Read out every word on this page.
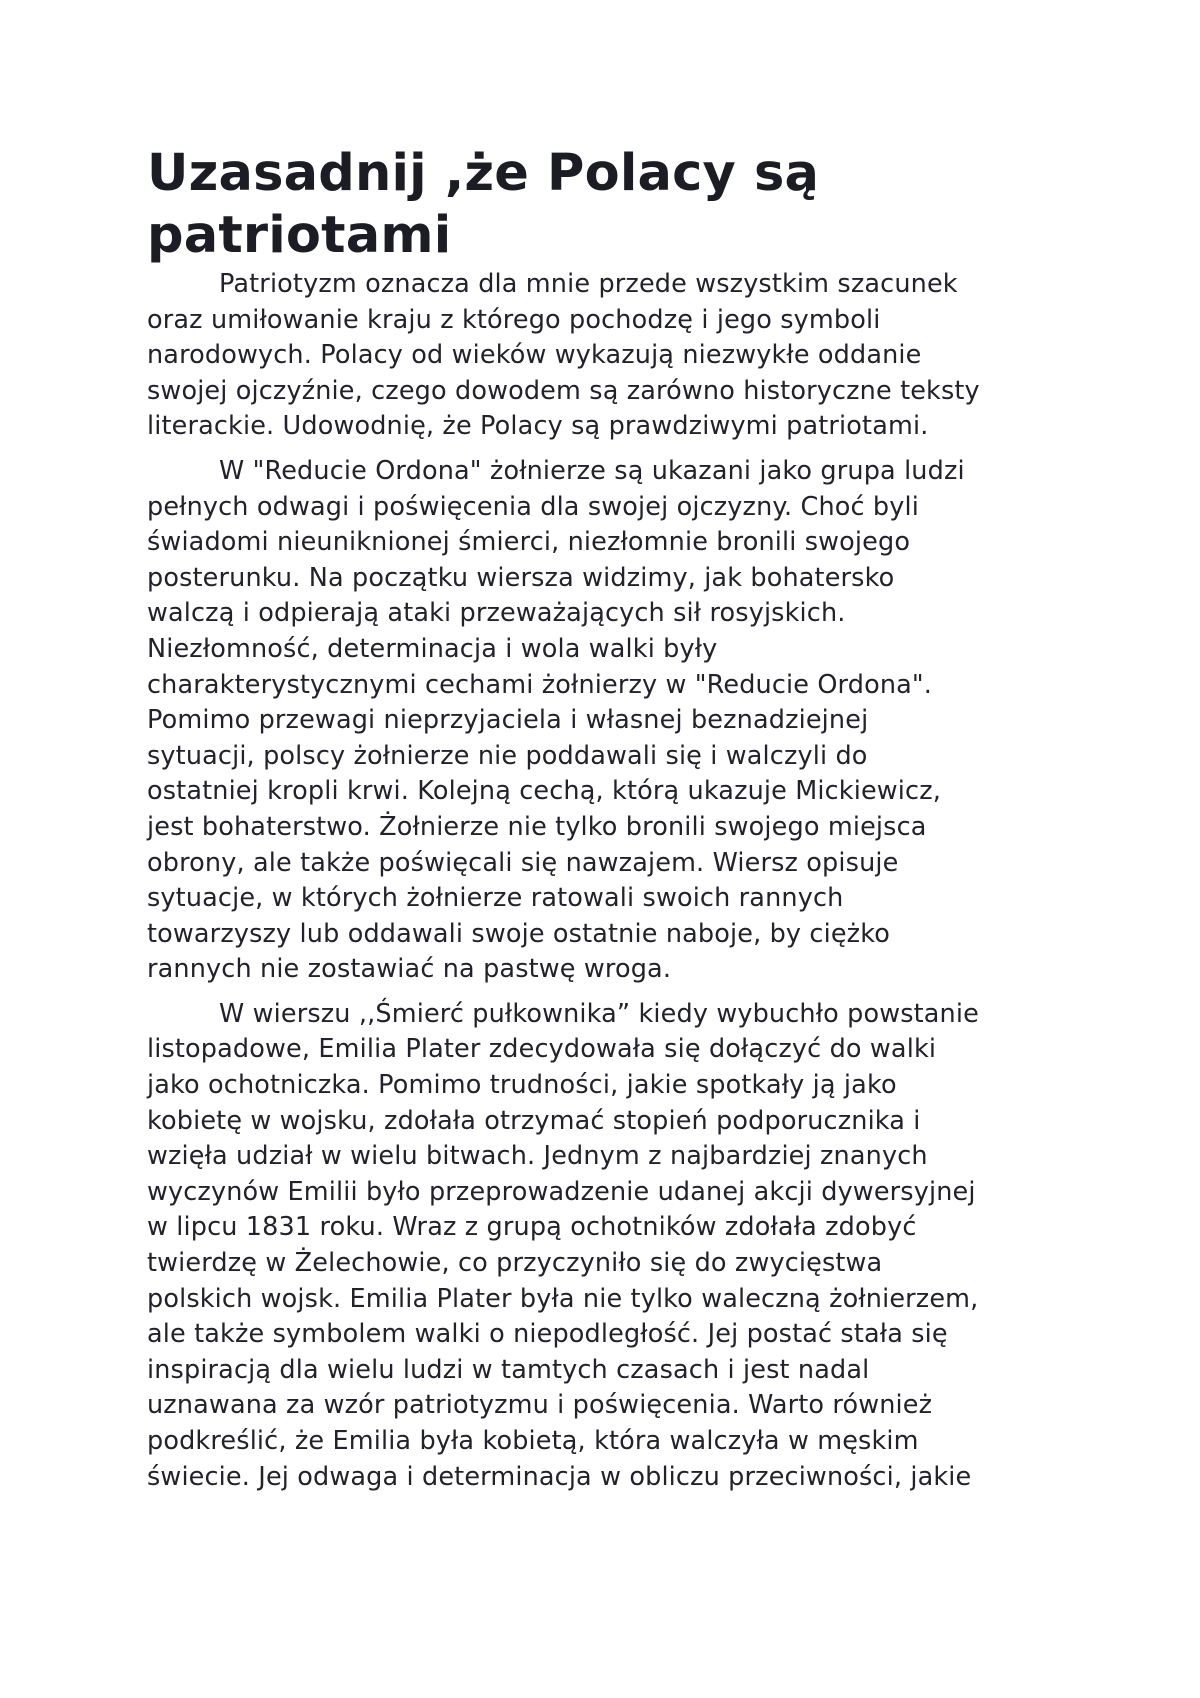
Uzasadnij ,że Polacy są
patriotami

Patriotyzm oznacza dla mnie przede wszystkim szacunek
oraz umiłowanie kraju z którego pochodzę i jego symboli
narodowych. Polacy od wieków wykazują niezwykłe oddanie
swojej ojczyźnie, czego dowodem są zarówno historyczne teksty
literackie. Udowodnię, że Polacy są prawdziwymi patriotami.

W "Reducie Ordona" żołnierze są ukazani jako grupa ludzi
pełnych odwagi i poświęcenia dla swojej ojczyzny. Choć byli
świadomi nieuniknionej śmierci, niezłomnie bronili swojego
posterunku. Na początku wiersza widzimy, jak bohatersko
walczą i odpierają ataki przeważających sił rosyjskich.
Niezłomność, determinacja i wola walki były
charakterystycznymi cechami żołnierzy w "Reducie Ordona".
Pomimo przewagi nieprzyjaciela i własnej beznadziejnej
sytuacji, polscy żołnierze nie poddawali się i walczyli do
ostatniej kropli krwi. Kolejną cechą, którą ukazuje Mickiewicz,
jest bohaterstwo. Żołnierze nie tylko bronili swojego miejsca
obrony, ale także poświęcali się nawzajem. Wiersz opisuje
sytuacje, w których żołnierze ratowali swoich rannych
towarzyszy lub oddawali swoje ostatnie naboje, by ciężko
rannych nie zostawiać na pastwę wroga.

W wierszu ,,Śmierć pułkownika” kiedy wybuchło powstanie
listopadowe, Emilia Plater zdecydowała się dołączyć do walki
jako ochotniczka. Pomimo trudności, jakie spotkały ją jako
kobietę w wojsku, zdołała otrzymać stopień podporucznika i
wzięła udział w wielu bitwach. Jednym z najbardziej znanych
wyczynów Emilii było przeprowadzenie udanej akcji dywersyjnej
w lipcu 1831 roku. Wraz z grupą ochotników zdołała zdobyć
twierdzę w Żelechowie, co przyczyniło się do zwycięstwa
polskich wojsk. Emilia Plater była nie tylko waleczną żołnierzem,
ale także symbolem walki o niepodległość. Jej postać stała się
inspiracją dla wielu ludzi w tamtych czasach i jest nadal
uznawana za wzór patriotyzmu i poświęcenia. Warto również
podkreślić, że Emilia była kobietą, która walczyła w męskim
świecie. Jej odwaga i determinacja w obliczu przeciwności, jakie
